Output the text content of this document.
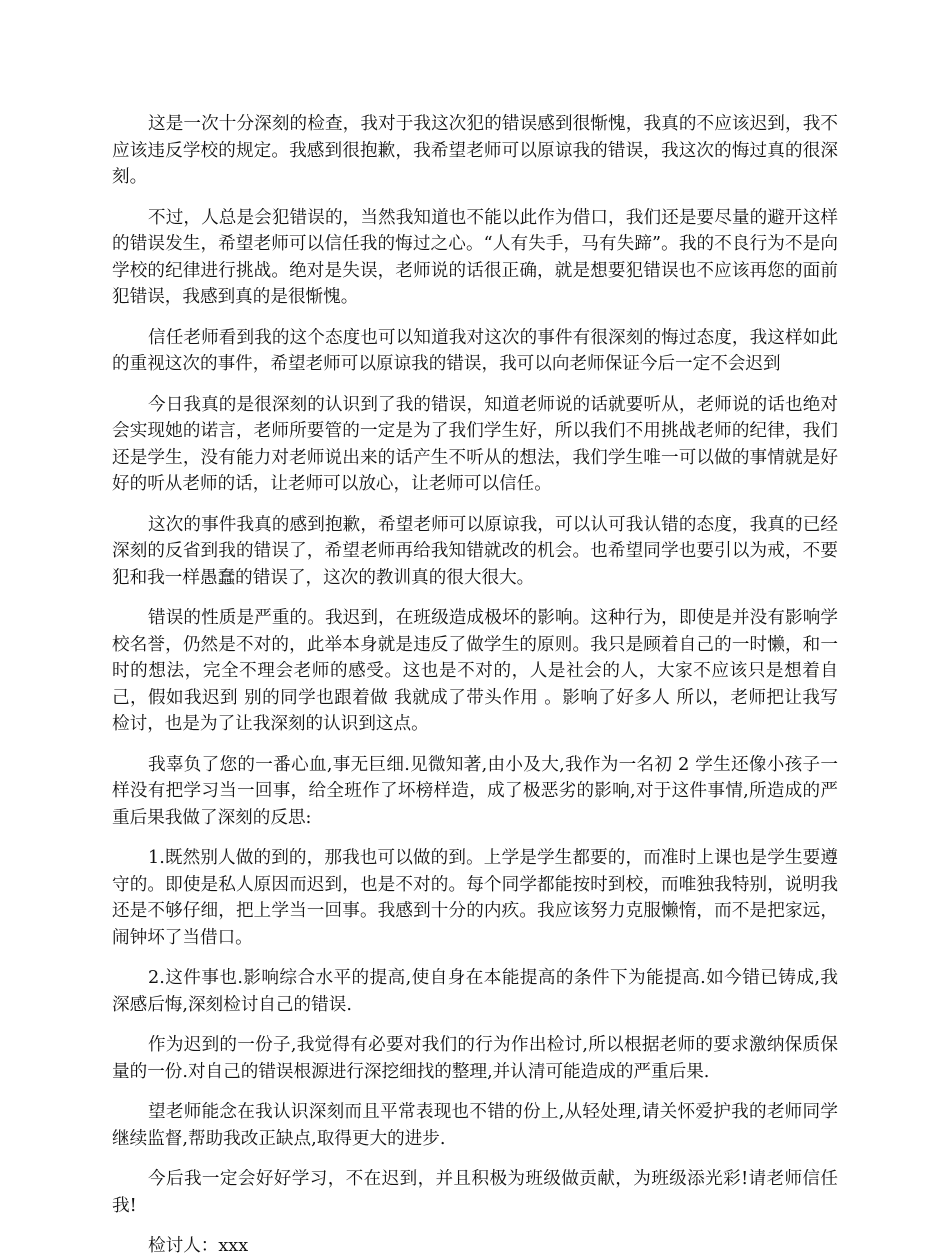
这是一次十分深刻的检查，我对于我这次犯的错误感到很惭愧，我真的不应该迟到，我不应该违反学校的规定。我感到很抱歉，我希望老师可以原谅我的错误，我这次的悔过真的很深刻。

不过，人总是会犯错误的，当然我知道也不能以此作为借口，我们还是要尽量的避开这样的错误发生，希望老师可以信任我的悔过之心。“人有失手，马有失蹄”。我的不良行为不是向学校的纪律进行挑战。绝对是失误，老师说的话很正确，就是想要犯错误也不应该再您的面前犯错误，我感到真的是很惭愧。

信任老师看到我的这个态度也可以知道我对这次的事件有很深刻的悔过态度，我这样如此的重视这次的事件，希望老师可以原谅我的错误，我可以向老师保证今后一定不会迟到

今日我真的是很深刻的认识到了我的错误，知道老师说的话就要听从，老师说的话也绝对会实现她的诺言，老师所要管的一定是为了我们学生好，所以我们不用挑战老师的纪律，我们还是学生，没有能力对老师说出来的话产生不听从的想法，我们学生唯一可以做的事情就是好好的听从老师的话，让老师可以放心，让老师可以信任。

这次的事件我真的感到抱歉，希望老师可以原谅我，可以认可我认错的态度，我真的已经深刻的反省到我的错误了，希望老师再给我知错就改的机会。也希望同学也要引以为戒，不要犯和我一样愚蠢的错误了，这次的教训真的很大很大。

错误的性质是严重的。我迟到，在班级造成极坏的影响。这种行为，即使是并没有影响学校名誉，仍然是不对的，此举本身就是违反了做学生的原则。我只是顾着自己的一时懒，和一时的想法，完全不理会老师的感受。这也是不对的，人是社会的人，大家不应该只是想着自己，假如我迟到 别的同学也跟着做 我就成了带头作用 。影响了好多人 所以，老师把让我写检讨，也是为了让我深刻的认识到这点。

我辜负了您的一番心血,事无巨细.见微知著,由小及大,我作为一名初 2 学生还像小孩子一样没有把学习当一回事，给全班作了坏榜样造，成了极恶劣的影响,对于这件事情,所造成的严重后果我做了深刻的反思:

1.既然别人做的到的，那我也可以做的到。上学是学生都要的，而准时上课也是学生要遵守的。即使是私人原因而迟到，也是不对的。每个同学都能按时到校，而唯独我特别，说明我还是不够仔细，把上学当一回事。我感到十分的内疚。我应该努力克服懒惰，而不是把家远，闹钟坏了当借口。

2.这件事也.影响综合水平的提高,使自身在本能提高的条件下为能提高.如今错已铸成,我深感后悔,深刻检讨自己的错误.

作为迟到的一份子,我觉得有必要对我们的行为作出检讨,所以根据老师的要求激纳保质保量的一份.对自己的错误根源进行深挖细找的整理,并认清可能造成的严重后果.

望老师能念在我认识深刻而且平常表现也不错的份上,从轻处理,请关怀爱护我的老师同学继续监督,帮助我改正缺点,取得更大的进步.

今后我一定会好好学习，不在迟到，并且积极为班级做贡献，为班级添光彩!请老师信任我!

检讨人：xxx
